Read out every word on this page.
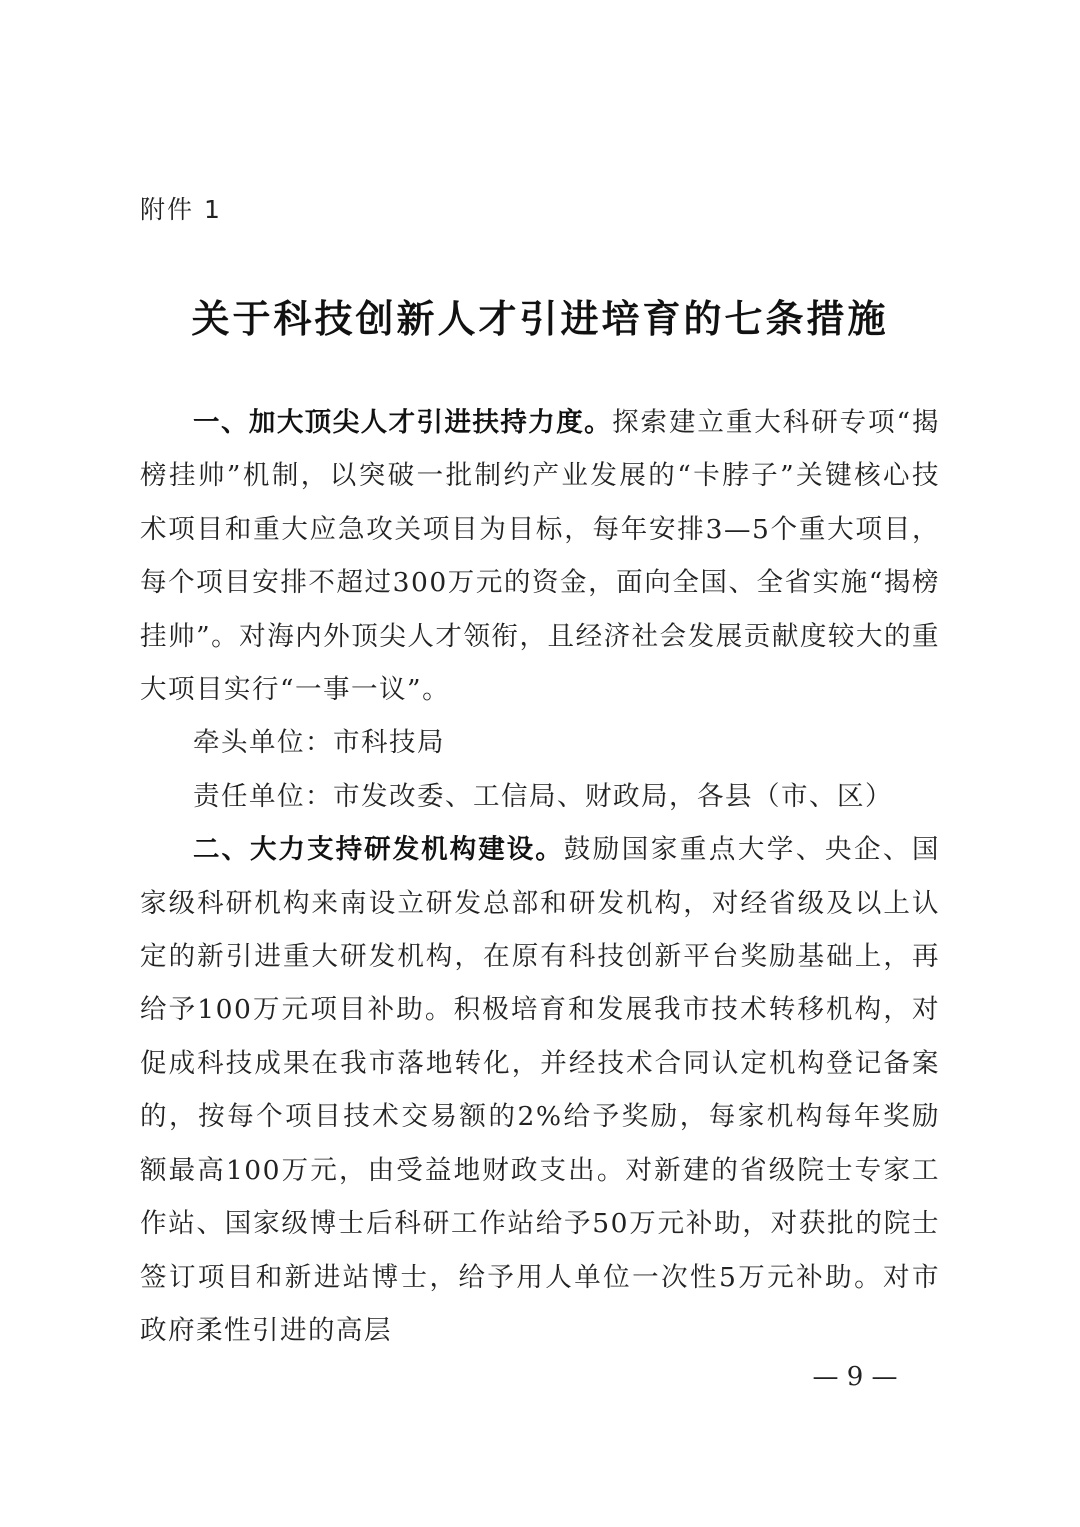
附件 1
关于科技创新人才引进培育的七条措施

一、加大顶尖人才引进扶持力度。探索建立重大科研专项“揭榜挂帅”机制，以突破一批制约产业发展的“卡脖子”关键核心技术项目和重大应急攻关项目为目标，每年安排3—5个重大项目，每个项目安排不超过300万元的资金，面向全国、全省实施“揭榜挂帅”。对海内外顶尖人才领衔，且经济社会发展贡献度较大的重大项目实行“一事一议”。

牵头单位：市科技局

责任单位：市发改委、工信局、财政局，各县（市、区）

二、大力支持研发机构建设。鼓励国家重点大学、央企、国家级科研机构来南设立研发总部和研发机构，对经省级及以上认定的新引进重大研发机构，在原有科技创新平台奖励基础上，再给予100万元项目补助。积极培育和发展我市技术转移机构，对促成科技成果在我市落地转化，并经技术合同认定机构登记备案的，按每个项目技术交易额的2%给予奖励，每家机构每年奖励额最高100万元，由受益地财政支出。对新建的省级院士专家工作站、国家级博士后科研工作站给予50万元补助，对获批的院士签订项目和新进站博士，给予用人单位一次性5万元补助。对市政府柔性引进的高层

— 9 —
